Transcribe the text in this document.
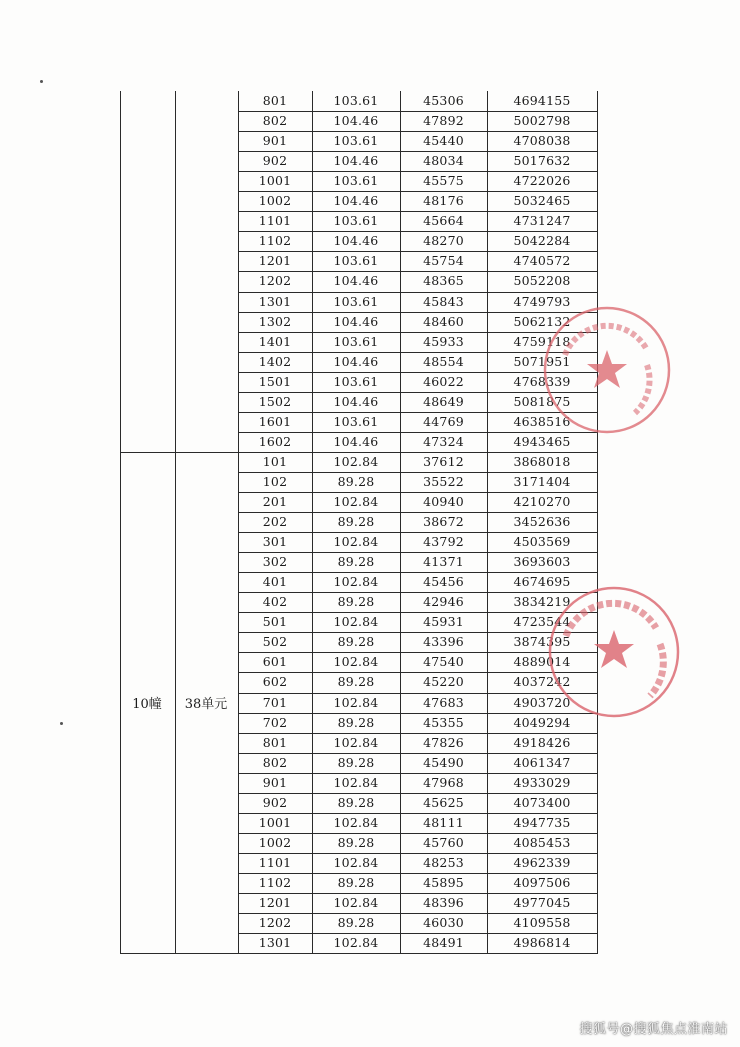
801	103.61	45306	4694155
802	104.46	47892	5002798
901	103.61	45440	4708038
902	104.46	48034	5017632
1001	103.61	45575	4722026
1002	104.46	48176	5032465
1101	103.61	45664	4731247
1102	104.46	48270	5042284
1201	103.61	45754	4740572
1202	104.46	48365	5052208
1301	103.61	45843	4749793
1302	104.46	48460	5062132
1401	103.61	45933	4759118
1402	104.46	48554	5071951
1501	103.61	46022	4768339
1502	104.46	48649	5081875
1601	103.61	44769	4638516
1602	104.46	47324	4943465
101	102.84	37612	3868018
102	89.28	35522	3171404
201	102.84	40940	4210270
202	89.28	38672	3452636
301	102.84	43792	4503569
302	89.28	41371	3693603
401	102.84	45456	4674695
402	89.28	42946	3834219
501	102.84	45931	4723544
502	89.28	43396	3874395
601	102.84	47540	4889014
602	89.28	45220	4037242
701	102.84	47683	4903720
702	89.28	45355	4049294
801	102.84	47826	4918426
802	89.28	45490	4061347
901	102.84	47968	4933029
902	89.28	45625	4073400
1001	102.84	48111	4947735
1002	89.28	45760	4085453
1101	102.84	48253	4962339
1102	89.28	45895	4097506
1201	102.84	48396	4977045
1202	89.28	46030	4109558
1301	102.84	48491	4986814
10幢	38单元
搜狐号@搜狐焦点淮南站
